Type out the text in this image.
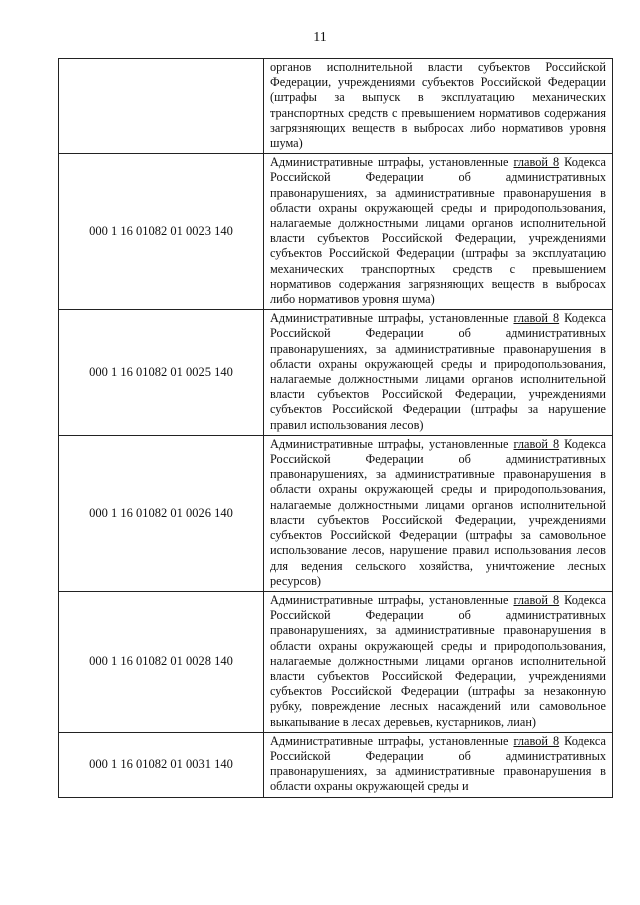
11
	органов исполнительной власти субъектов Российской Федерации, учреждениями субъектов Российской Федерации (штрафы за выпуск в эксплуатацию механических транспортных средств с превышением нормативов содержания загрязняющих веществ в выбросах либо нормативов уровня шума)
000 1 16 01082 01 0023 140	Административные штрафы, установленные главой 8 Кодекса Российской Федерации об административных правонарушениях, за административные правонарушения в области охраны окружающей среды и природопользования, налагаемые должностными лицами органов исполнительной власти субъектов Российской Федерации, учреждениями субъектов Российской Федерации (штрафы за эксплуатацию механических транспортных средств с превышением нормативов содержания загрязняющих веществ в выбросах либо нормативов уровня шума)
000 1 16 01082 01 0025 140	Административные штрафы, установленные главой 8 Кодекса Российской Федерации об административных правонарушениях, за административные правонарушения в области охраны окружающей среды и природопользования, налагаемые должностными лицами органов исполнительной власти субъектов Российской Федерации, учреждениями субъектов Российской Федерации (штрафы за нарушение правил использования лесов)
000 1 16 01082 01 0026 140	Административные штрафы, установленные главой 8 Кодекса Российской Федерации об административных правонарушениях, за административные правонарушения в области охраны окружающей среды и природопользования, налагаемые должностными лицами органов исполнительной власти субъектов Российской Федерации, учреждениями субъектов Российской Федерации (штрафы за самовольное использование лесов, нарушение правил использования лесов для ведения сельского хозяйства, уничтожение лесных ресурсов)
000 1 16 01082 01 0028 140	Административные штрафы, установленные главой 8 Кодекса Российской Федерации об административных правонарушениях, за административные правонарушения в области охраны окружающей среды и природопользования, налагаемые должностными лицами органов исполнительной власти субъектов Российской Федерации, учреждениями субъектов Российской Федерации (штрафы за незаконную рубку, повреждение лесных насаждений или самовольное выкапывание в лесах деревьев, кустарников, лиан)
000 1 16 01082 01 0031 140	Административные штрафы, установленные главой 8 Кодекса Российской Федерации об административных правонарушениях, за административные правонарушения в области охраны окружающей среды и
